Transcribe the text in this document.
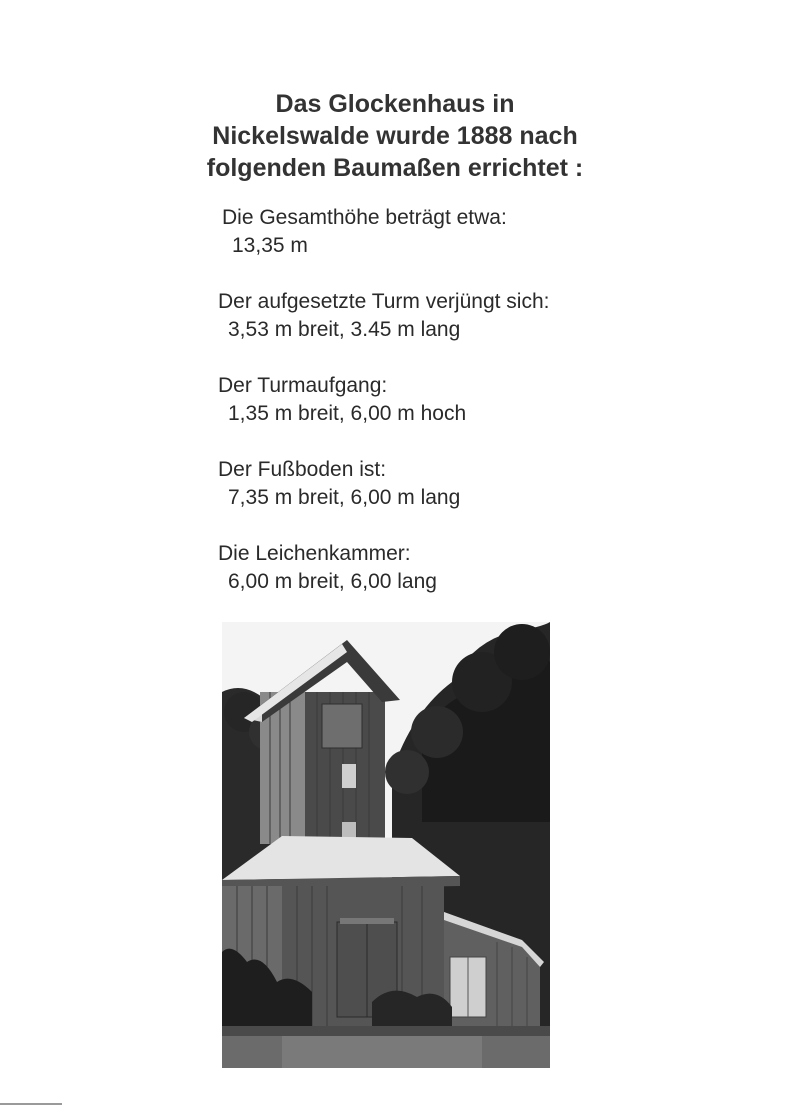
Das Glockenhaus in
Nickelswalde wurde 1888 nach
folgenden Baumaßen errichtet :
Die Gesamthöhe beträgt etwa:
13,35 m
Der aufgesetzte Turm verjüngt sich:
3,53 m breit, 3.45 m lang
Der Turmaufgang:
1,35 m breit, 6,00 m hoch
Der Fußboden ist:
7,35 m breit, 6,00 m lang
Die Leichenkammer:
6,00 m breit, 6,00 lang
